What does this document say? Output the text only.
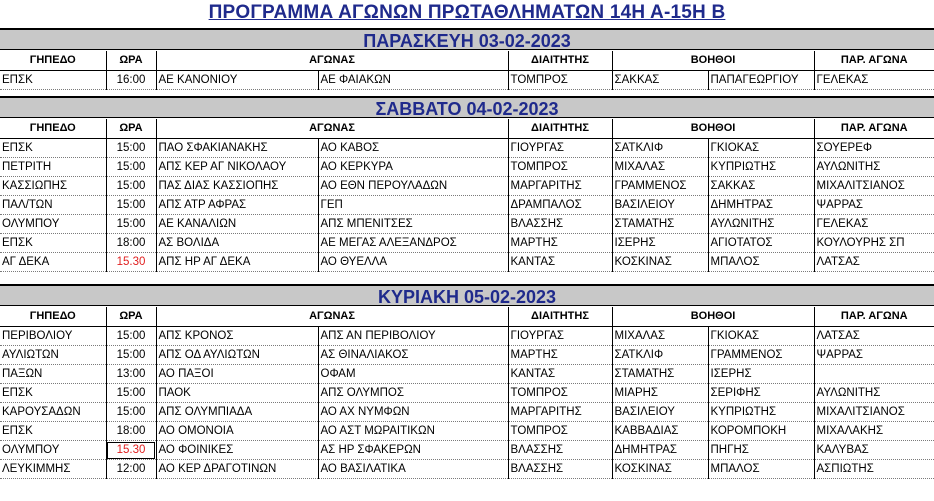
ΠΡΟΓΡΑΜΜΑ ΑΓΩΝΩΝ ΠΡΩΤΑΘΛΗΜΑΤΩΝ 14Η Α-15Η Β
ΠΑΡΑΣΚΕΥΗ 03-02-2023
ΓΗΠΕΔΟ	ΩΡΑ	ΑΓΩΝΑΣ		ΔΙΑΙΤΗΤΗΣ	ΒΟΗΘΟΙ		ΠΑΡ. ΑΓΩΝΑ
ΕΠΣΚ	16:00	ΑΕ ΚΑΝΟΝΙΟΥ	ΑΕ ΦΑΙΑΚΩΝ	ΤΟΜΠΡΟΣ	ΣΑΚΚΑΣ	ΠΑΠΑΓΕΩΡΓΙΟΥ	ΓΕΛΕΚΑΣ
ΣΑΒΒΑΤΟ 04-02-2023
ΓΗΠΕΔΟ	ΩΡΑ	ΑΓΩΝΑΣ		ΔΙΑΙΤΗΤΗΣ	ΒΟΗΘΟΙ		ΠΑΡ. ΑΓΩΝΑ
ΕΠΣΚ	15:00	ΠΑΟ ΣΦΑΚΙΑΝΑΚΗΣ	ΑΟ ΚΑΒΟΣ	ΓΙΟΥΡΓΑΣ	ΣΑΤΚΛΙΦ	ΓΚΙΟΚΑΣ	ΣΟΥΕΡΕΦ
ΠΕΤΡΙΤΗ	15:00	ΑΠΣ ΚΕΡ ΑΓ ΝΙΚΟΛΑΟΥ	ΑΟ ΚΕΡΚΥΡΑ	ΤΟΜΠΡΟΣ	ΜΙΧΑΛΑΣ	ΚΥΠΡΙΩΤΗΣ	ΑΥΛΩΝΙΤΗΣ
ΚΑΣΣΙΩΠΗΣ	15:00	ΠΑΣ ΔΙΑΣ ΚΑΣΣΙΟΠΗΣ	ΑΟ ΕΘΝ ΠΕΡΟΥΛΑΔΩΝ	ΜΑΡΓΑΡΙΤΗΣ	ΓΡΑΜΜΕΝΟΣ	ΣΑΚΚΑΣ	ΜΙΧΑΛΙΤΣΙΑΝΟΣ
ΠΑΛ/ΤΩΝ	15:00	ΑΠΣ ΑΤΡ ΑΦΡΑΣ	ΓΕΠ	ΔΡΑΜΠΑΛΟΣ	ΒΑΣΙΛΕΙΟΥ	ΔΗΜΗΤΡΑΣ	ΨΑΡΡΑΣ
ΟΛΥΜΠΟΥ	15:00	ΑΕ ΚΑΝΑΛΙΩΝ	ΑΠΣ ΜΠΕΝΙΤΣΕΣ	ΒΛΑΣΣΗΣ	ΣΤΑΜΑΤΗΣ	ΑΥΛΩΝΙΤΗΣ	ΓΕΛΕΚΑΣ
ΕΠΣΚ	18:00	ΑΣ ΒΟΛΙΔΑ	ΑΕ ΜΕΓΑΣ ΑΛΕΞΑΝΔΡΟΣ	ΜΑΡΤΗΣ	ΙΣΕΡΗΣ	ΑΓΙΟΤΑΤΟΣ	ΚΟΥΛΟΥΡΗΣ ΣΠ
ΑΓ ΔΕΚΑ	15.30	ΑΠΣ ΗΡ ΑΓ ΔΕΚΑ	ΑΟ ΘΥΕΛΛΑ	ΚΑΝΤΑΣ	ΚΟΣΚΙΝΑΣ	ΜΠΑΛΟΣ	ΛΑΤΣΑΣ
ΚΥΡΙΑΚΗ 05-02-2023
ΓΗΠΕΔΟ	ΩΡΑ	ΑΓΩΝΑΣ		ΔΙΑΙΤΗΤΗΣ	ΒΟΗΘΟΙ		ΠΑΡ. ΑΓΩΝΑ
ΠΕΡΙΒΟΛΙΟΥ	15:00	ΑΠΣ ΚΡΟΝΟΣ	ΑΠΣ ΑΝ ΠΕΡΙΒΟΛΙΟΥ	ΓΙΟΥΡΓΑΣ	ΜΙΧΑΛΑΣ	ΓΚΙΟΚΑΣ	ΛΑΤΣΑΣ
ΑΥΛΙΩΤΩΝ	15:00	ΑΠΣ ΟΔ ΑΥΛΙΩΤΩΝ	ΑΣ ΘΙΝΑΛΙΑΚΟΣ	ΜΑΡΤΗΣ	ΣΑΤΚΛΙΦ	ΓΡΑΜΜΕΝΟΣ	ΨΑΡΡΑΣ
ΠΑΞΩΝ	13:00	ΑΟ ΠΑΞΟΙ	ΟΦΑΜ	ΚΑΝΤΑΣ	ΣΤΑΜΑΤΗΣ	ΙΣΕΡΗΣ	
ΕΠΣΚ	15:00	ΠΑΟΚ	ΑΠΣ ΟΛΥΜΠΟΣ	ΤΟΜΠΡΟΣ	ΜΙΑΡΗΣ	ΣΕΡΙΦΗΣ	ΑΥΛΩΝΙΤΗΣ
ΚΑΡΟΥΣΑΔΩΝ	15:00	ΑΠΣ ΟΛΥΜΠΙΑΔΑ	ΑΟ ΑΧ ΝΥΜΦΩΝ	ΜΑΡΓΑΡΙΤΗΣ	ΒΑΣΙΛΕΙΟΥ	ΚΥΠΡΙΩΤΗΣ	ΜΙΧΑΛΙΤΣΙΑΝΟΣ
ΕΠΣΚ	18:00	ΑΟ ΟΜΟΝΟΙΑ	ΑΟ ΑΣΤ ΜΩΡΑΙΤΙΚΩΝ	ΤΟΜΠΡΟΣ	ΚΑΒΒΑΔΙΑΣ	ΚΟΡΟΜΠΟΚΗ	ΜΙΧΑΛΑΚΗΣ
ΟΛΥΜΠΟΥ	15.30	ΑΟ ΦΟΙΝΙΚΕΣ	ΑΣ ΗΡ ΣΦΑΚΕΡΩΝ	ΒΛΑΣΣΗΣ	ΔΗΜΗΤΡΑΣ	ΠΗΓΗΣ	ΚΑΛΥΒΑΣ
ΛΕΥΚΙΜΜΗΣ	12:00	ΑΟ ΚΕΡ ΔΡΑΓΟΤΙΝΩΝ	ΑΟ ΒΑΣΙΛΑΤΙΚΑ	ΒΛΑΣΣΗΣ	ΚΟΣΚΙΝΑΣ	ΜΠΑΛΟΣ	ΑΣΠΙΩΤΗΣ
